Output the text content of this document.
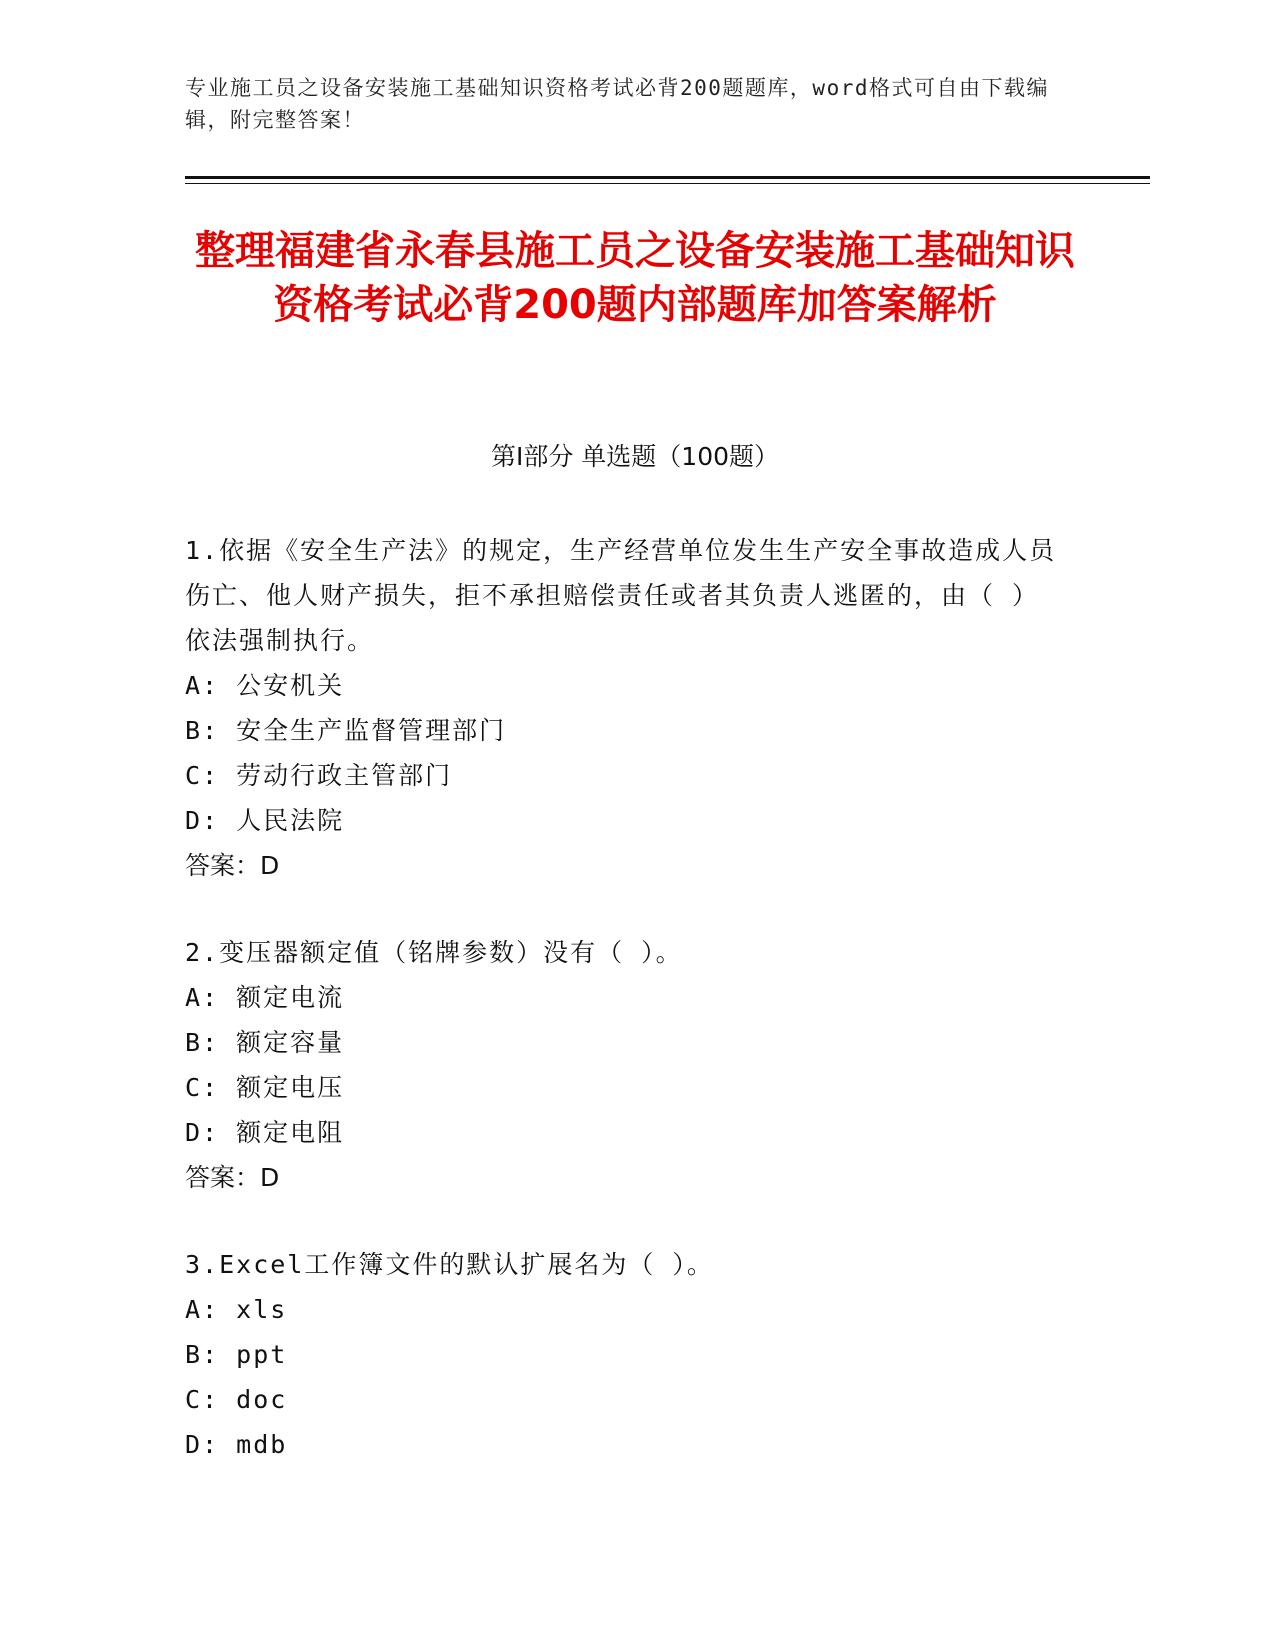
专业施工员之设备安装施工基础知识资格考试必背200题题库，word格式可自由下载编辑，附完整答案！
整理福建省永春县施工员之设备安装施工基础知识资格考试必背200题内部题库加答案解析
第Ⅰ部分 单选题（100题）

1.依据《安全生产法》的规定，生产经营单位发生生产安全事故造成人员伤亡、他人财产损失，拒不承担赔偿责任或者其负责人逃匿的，由（ ）依法强制执行。

A: 公安机关

B: 安全生产监督管理部门

C: 劳动行政主管部门

D: 人民法院

答案：D

2.变压器额定值（铭牌参数）没有（ ）。

A: 额定电流

B: 额定容量

C: 额定电压

D: 额定电阻

答案：D

3.Excel工作簿文件的默认扩展名为（ ）。

A: xls

B: ppt

C: doc

D: mdb
